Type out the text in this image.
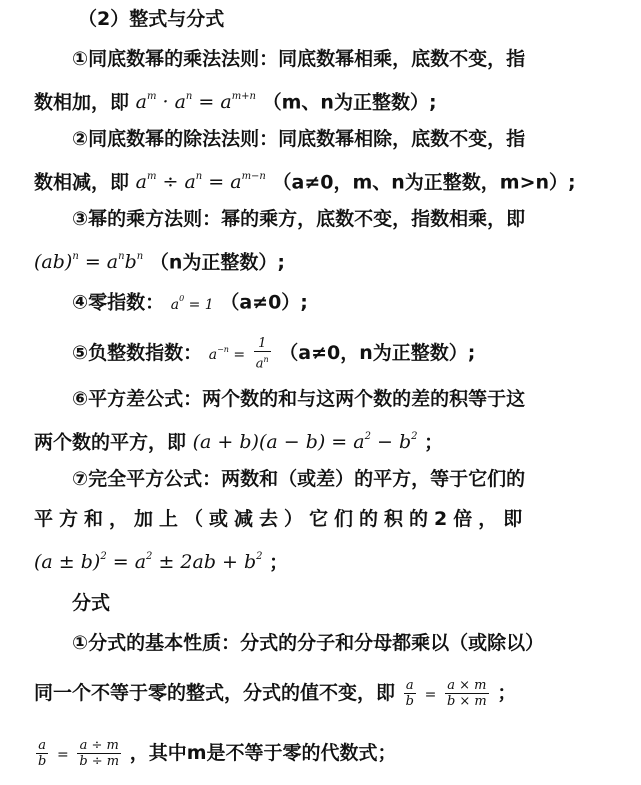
（2）整式与分式
①同底数幂的乘法法则：同底数幂相乘，底数不变，指
数相加，即 $a^m \cdot a^n = a^{m+n}$ （m、n为正整数）;
②同底数幂的除法法则：同底数幂相除，底数不变，指
数相减，即 $a^m \div a^n = a^{m-n}$ （a≠0，m、n为正整数，m>n）;
③幂的乘方法则：幂的乘方，底数不变，指数相乘，即
$(ab)^n = a^nb^n$ （n为正整数）;
④零指数： $a^0 = 1$ （a≠0）;
⑤负整数指数： $a^{-n} = \frac{1}{a^n} (a\ne 0$，n为正整数）;
⑥平方差公式：两个数的和与这两个数的差的积等于这
两个数的平方，即 $(a + b)(a - b) = a^2 - b^2$ ；
⑦完全平方公式：两数和（或差）的平方，等于它们的
平方和，加上（或减去）它们的积的2倍，即
$(a \pm b)^2 = a^2 \pm 2ab + b^2$ ；
分式
①分式的基本性质：分式的分子和分母都乘以（或除以）
同一个不等于零的整式，分式的值不变，即 $\frac{a}{b} = \frac{a \times m}{b \times m}$ ；
$\frac{a}{b} = \frac{a \div m}{b \div m}$ ，其中m是不等于零的代数式；
